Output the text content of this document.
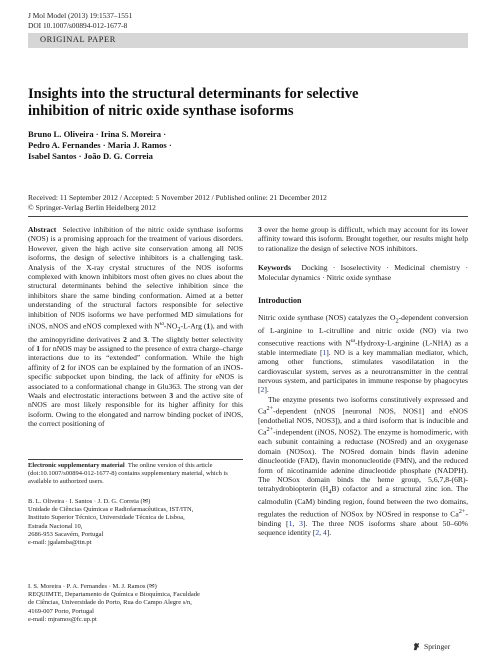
J Mol Model (2013) 19:1537–1551
DOI 10.1007/s00894-012-1677-8
ORIGINAL PAPER
Insights into the structural determinants for selective
inhibition of nitric oxide synthase isoforms
Bruno L. Oliveira · Irina S. Moreira ·
Pedro A. Fernandes · Maria J. Ramos ·
Isabel Santos · João D. G. Correia
Received: 11 September 2012 / Accepted: 5 November 2012 / Published online: 21 December 2012
© Springer-Verlag Berlin Heidelberg 2012

Abstract Selective inhibition of the nitric oxide synthase isoforms (NOS) is a promising approach for the treatment of various disorders. However, given the high active site conservation among all NOS isoforms, the design of selective inhibitors is a challenging task. Analysis of the X-ray crystal structures of the NOS isoforms complexed with known inhibitors most often gives no clues about the structural determinants behind the selective inhibition since the inhibitors share the same binding conformation. Aimed at a better understanding of the structural factors responsible for selective inhibition of NOS isoforms we have performed MD simulations for iNOS, nNOS and eNOS complexed with $N^\omega-NO_2-L$-Arg (1), and with the aminopyridine derivatives 2 and 3. The slightly better selectivity of 1 for nNOS may be assigned to the presence of extra charge–charge interactions due to its “extended” conformation. While the high affinity of 2 for iNOS can be explained by the formation of an iNOS-specific subpocket upon binding, the lack of affinity for eNOS is associated to a conformational change in Glu363. The strong van der Waals and electrostatic interactions between 3 and the active site of nNOS are most likely responsible for its higher affinity for this isoform. Owing to the elongated and narrow binding pocket of iNOS, the correct positioning of

3 over the heme group is difficult, which may account for its lower affinity toward this isoform. Brought together, our results might help to rationalize the design of selective NOS inhibitors.

Keywords Docking · Isoselectivity · Medicinal chemistry · Molecular dynamics · Nitric oxide synthase

Introduction

Nitric oxide synthase (NOS) catalyzes the $O_2$-dependent conversion of L-arginine to L-citrulline and nitric oxide (NO) via two consecutive reactions with $N^\omega-Hydroxy-L$-arginine (L-NHA) as a stable intermediate [1]. NO is a key mammalian mediator, which, among other functions, stimulates vasodilatation in the cardiovascular system, serves as a neurotransmitter in the central nervous system, and participates in immune response by phagocytes [2].

The enzyme presents two isoforms constitutively expressed and $Ca^{2+}$-dependent (nNOS [neuronal NOS, NOS1] and eNOS [endothelial NOS, NOS3]), and a third isoform that is inducible and $Ca^{2+}$-independent (iNOS, NOS2). The enzyme is homodimeric, with each subunit containing a reductase (NOSred) and an oxygenase domain (NOSox). The NOSred domain binds flavin adenine dinucleotide (FAD), flavin mononucleotide (FMN), and the reduced form of nicotinamide adenine dinucleotide phosphate (NADPH). The NOSox domain binds the heme group, 5,6,7,8-(6R)-tetrahydrobiopterin $(H_4B)$ cofactor and a structural zinc ion. The calmodulin (CaM) binding region, found between the two domains, regulates the reduction of NOSox by NOSred in response to $Ca^{2+}$-binding [1, 3]. The three NOS isoforms share about 50–60% sequence identity [2, 4].

Electronic supplementary material The online version of this article (doi:10.1007/s00894-012-1677-8) contains supplementary material, which is available to authorized users.

B. L. Oliveira · I. Santos · J. D. G. Correia (✉)

Unidade de Ciências Químicas e Radiofarmacêuticas, IST/ITN,

Instituto Superior Técnico, Universidade Técnica de Lisboa,

Estrada Nacional 10,

2686-953 Sacavém, Portugal

e-mail: jgalamba@itn.pt

I. S. Moreira · P. A. Fernandes · M. J. Ramos (✉)

REQUIMTE, Departamento de Química e Bioquímica, Faculdade

de Ciências, Universidade do Porto, Rua do Campo Alegre s/n,

4169-007 Porto, Portugal

e-mail: mjramos@fc.up.pt

Springer
